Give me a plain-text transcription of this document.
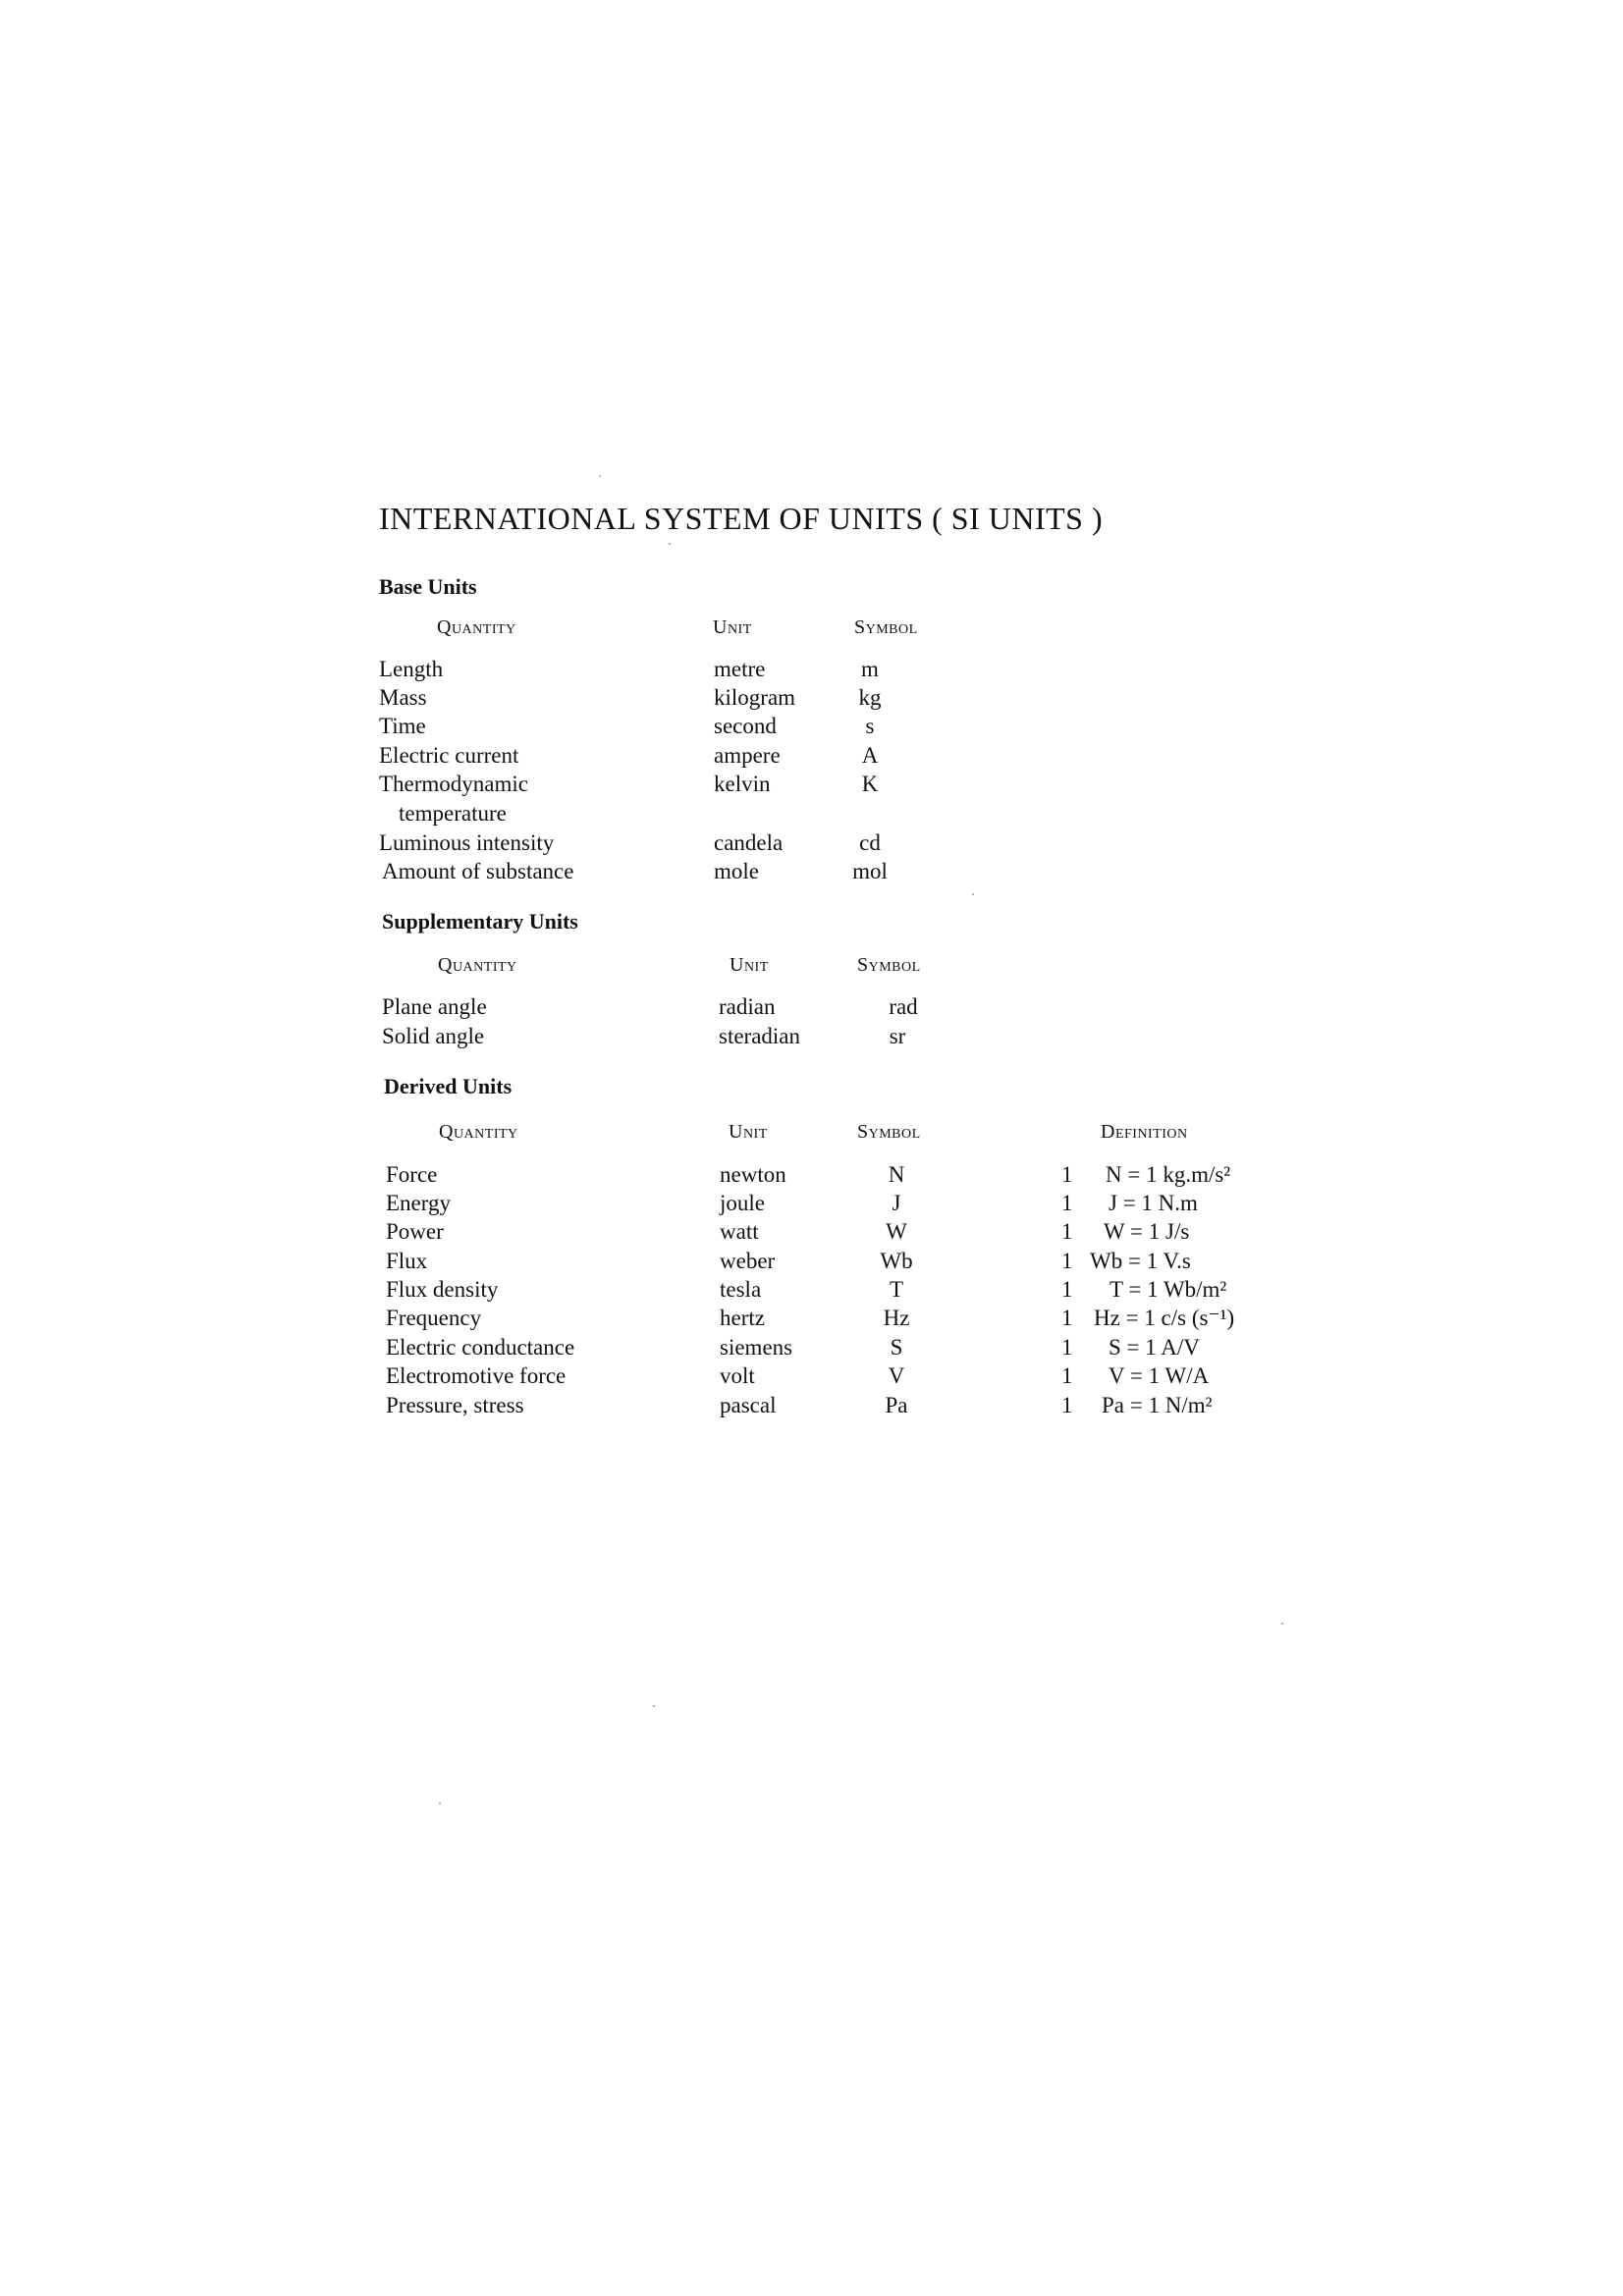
INTERNATIONAL SYSTEM OF UNITS ( SI UNITS )
Base Units
Quantity	Unit	Symbol
Length	metre	m
Mass	kilogram	kg
Time	second	s
Electric current	ampere	A
Thermodynamic	kelvin	K
temperature
Luminous intensity	candela	cd
Amount of substance	mole	mol
Supplementary Units
Quantity	Unit	Symbol
Plane angle	radian	rad
Solid angle	steradian	sr
Derived Units
Quantity	Unit	Symbol	Definition
Force	newton	N	1 N = 1 kg.m/s²
Energy	joule	J	1 J = 1 N.m
Power	watt	W	1 W = 1 J/s
Flux	weber	Wb	1 Wb = 1 V.s
Flux density	tesla	T	1 T = 1 Wb/m²
Frequency	hertz	Hz	1 Hz = 1 c/s (s⁻¹)
Electric conductance	siemens	S	1 S = 1 A/V
Electromotive force	volt	V	1 V = 1 W/A
Pressure, stress	pascal	Pa	1 Pa = 1 N/m²
